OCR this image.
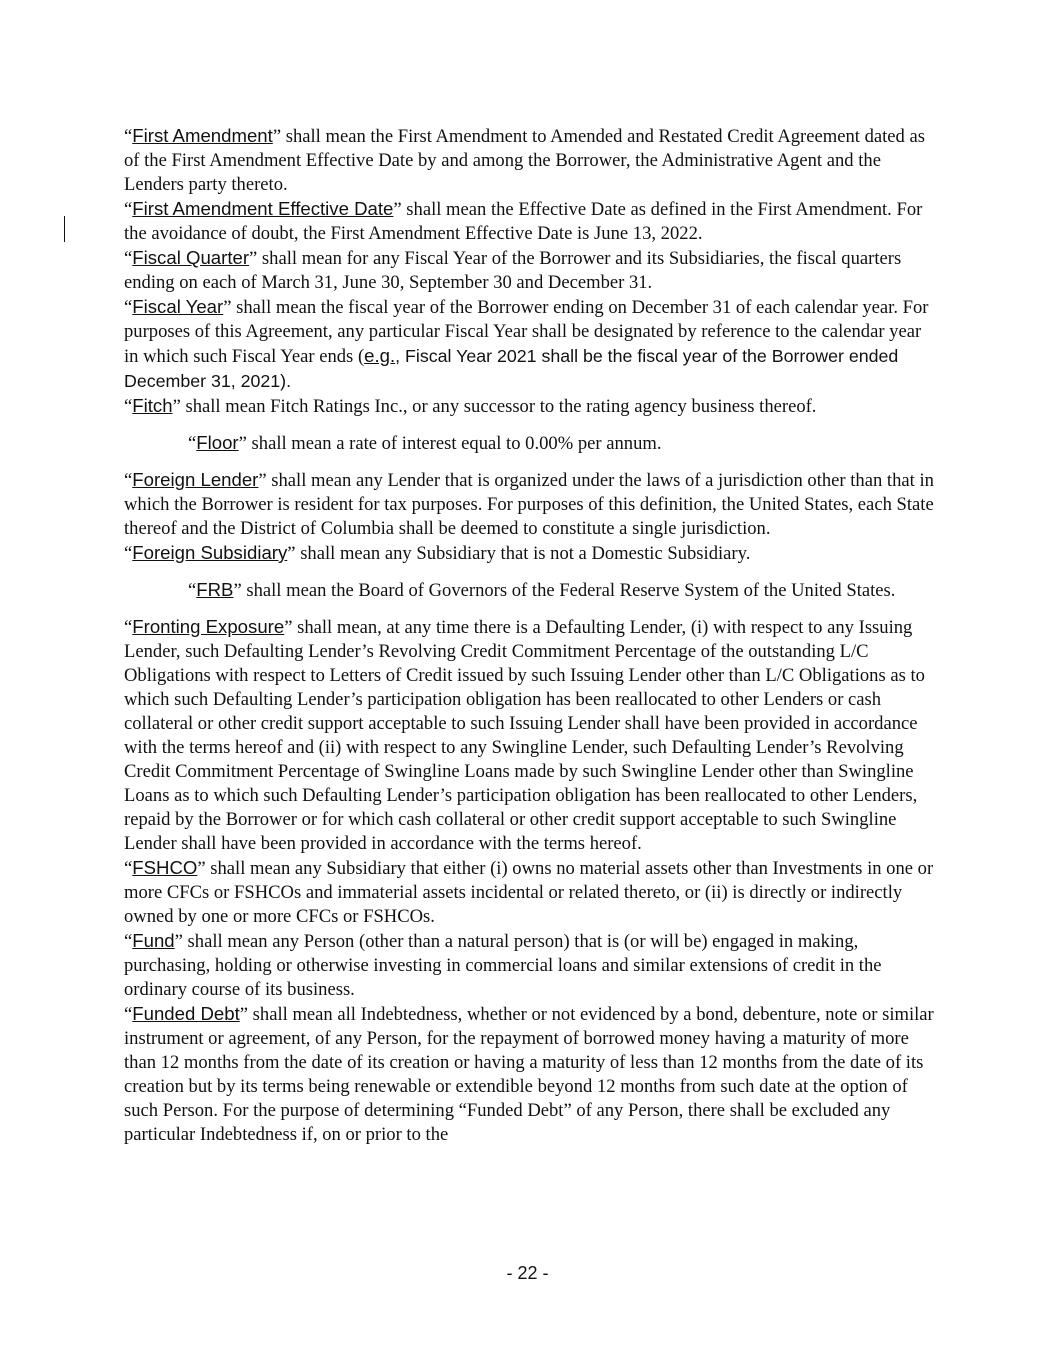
“First Amendment” shall mean the First Amendment to Amended and Restated Credit Agreement dated as of the First Amendment Effective Date by and among the Borrower, the Administrative Agent and the Lenders party thereto.

“First Amendment Effective Date” shall mean the Effective Date as defined in the First Amendment. For the avoidance of doubt, the First Amendment Effective Date is June 13, 2022.

“Fiscal Quarter” shall mean for any Fiscal Year of the Borrower and its Subsidiaries, the fiscal quarters ending on each of March 31, June 30, September 30 and December 31.

“Fiscal Year” shall mean the fiscal year of the Borrower ending on December 31 of each calendar year. For purposes of this Agreement, any particular Fiscal Year shall be designated by reference to the calendar year in which such Fiscal Year ends (e.g., Fiscal Year 2021 shall be the fiscal year of the Borrower ended December 31, 2021).

“Fitch” shall mean Fitch Ratings Inc., or any successor to the rating agency business thereof.

“Floor” shall mean a rate of interest equal to 0.00% per annum.

“Foreign Lender” shall mean any Lender that is organized under the laws of a jurisdiction other than that in which the Borrower is resident for tax purposes. For purposes of this definition, the United States, each State thereof and the District of Columbia shall be deemed to constitute a single jurisdiction.

“Foreign Subsidiary” shall mean any Subsidiary that is not a Domestic Subsidiary.

“FRB” shall mean the Board of Governors of the Federal Reserve System of the United States.

“Fronting Exposure” shall mean, at any time there is a Defaulting Lender, (i) with respect to any Issuing Lender, such Defaulting Lender’s Revolving Credit Commitment Percentage of the outstanding L/C Obligations with respect to Letters of Credit issued by such Issuing Lender other than L/C Obligations as to which such Defaulting Lender’s participation obligation has been reallocated to other Lenders or cash collateral or other credit support acceptable to such Issuing Lender shall have been provided in accordance with the terms hereof and (ii) with respect to any Swingline Lender, such Defaulting Lender’s Revolving Credit Commitment Percentage of Swingline Loans made by such Swingline Lender other than Swingline Loans as to which such Defaulting Lender’s participation obligation has been reallocated to other Lenders, repaid by the Borrower or for which cash collateral or other credit support acceptable to such Swingline Lender shall have been provided in accordance with the terms hereof.

“FSHCO” shall mean any Subsidiary that either (i) owns no material assets other than Investments in one or more CFCs or FSHCOs and immaterial assets incidental or related thereto, or (ii) is directly or indirectly owned by one or more CFCs or FSHCOs.

“Fund” shall mean any Person (other than a natural person) that is (or will be) engaged in making, purchasing, holding or otherwise investing in commercial loans and similar extensions of credit in the ordinary course of its business.

“Funded Debt” shall mean all Indebtedness, whether or not evidenced by a bond, debenture, note or similar instrument or agreement, of any Person, for the repayment of borrowed money having a maturity of more than 12 months from the date of its creation or having a maturity of less than 12 months from the date of its creation but by its terms being renewable or extendible beyond 12 months from such date at the option of such Person. For the purpose of determining “Funded Debt” of any Person, there shall be excluded any particular Indebtedness if, on or prior to the

- 22 -
